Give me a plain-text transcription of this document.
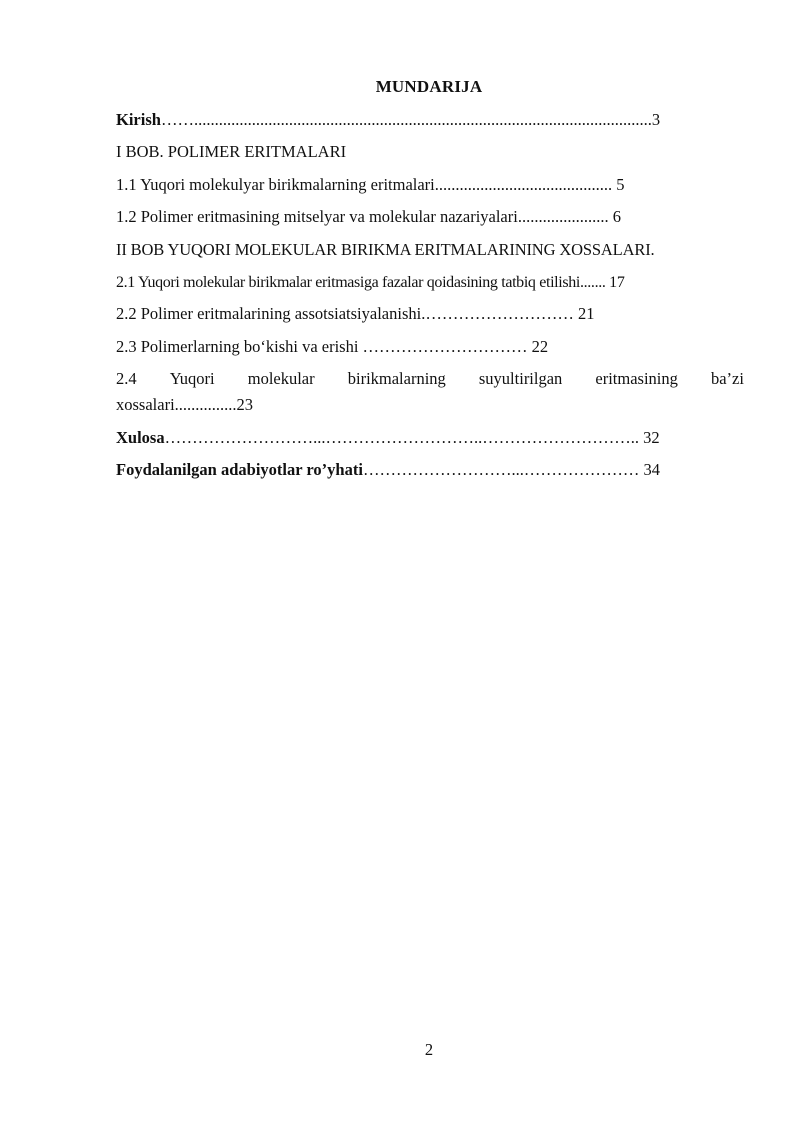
MUNDARIJA
Kirish……...............................................................................................................3
I BOB. POLIMER ERITMALARI
1.1 Yuqori molekulyar birikmalarning eritmalari........................................... 5
1.2 Polimer eritmasining mitselyar va molekular nazariyalari...................... 6
II BOB YUQORI MOLEKULAR BIRIKMA ERITMALARINING XOSSALARI.
2.1 Yuqori molekular birikmalar eritmasiga fazalar qoidasining tatbiq etilishi....... 17
2.2 Polimer eritmalarining assotsiatsiyalanishi.……………………… 21
2.3 Polimerlarning bo‘kishi va erishi ………………………… 22
2.4 Yuqori molekular birikmalarning suyultirilgan eritmasining ba’zi
xossalari...............23
Xulosa………………………...………………………..……………………….. 32
Foydalanilgan adabiyotlar ro’yhati………………………...………………… 34
2
